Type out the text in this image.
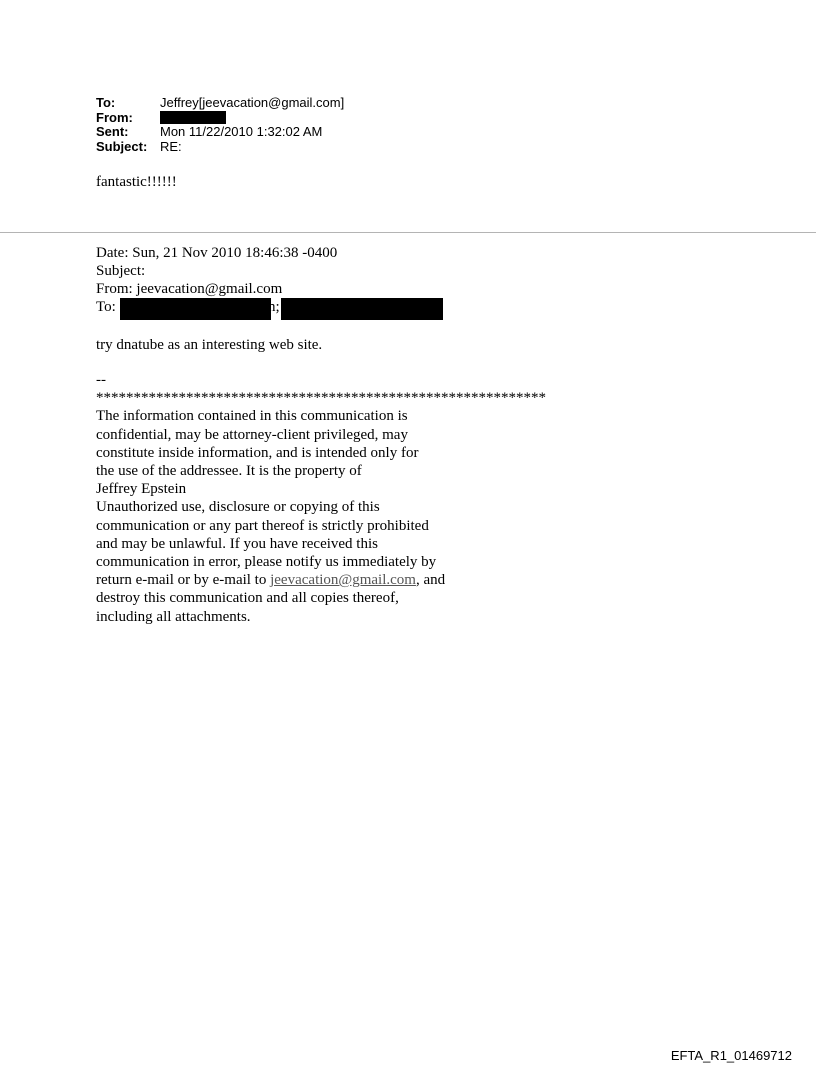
To:	Jeffrey[jeevacation@gmail.com]
From:
Sent:	Mon 11/22/2010 1:32:02 AM
Subject: RE:
fantastic!!!!!!
Date: Sun, 21 Nov 2010 18:46:38 -0400
Subject:
From: jeevacation@gmail.com
To:	n;
try dnatube as an interesting web site.
--
************************************************************
The information contained in this communication is
confidential, may be attorney-client privileged, may
constitute inside information, and is intended only for
the use of the addressee. It is the property of
Jeffrey Epstein
Unauthorized use, disclosure or copying of this
communication or any part thereof is strictly prohibited
and may be unlawful. If you have received this
communication in error, please notify us immediately by
return e-mail or by e-mail to jeevacation@gmail.com, and
destroy this communication and all copies thereof,
including all attachments.
EFTA_R1_01469712
